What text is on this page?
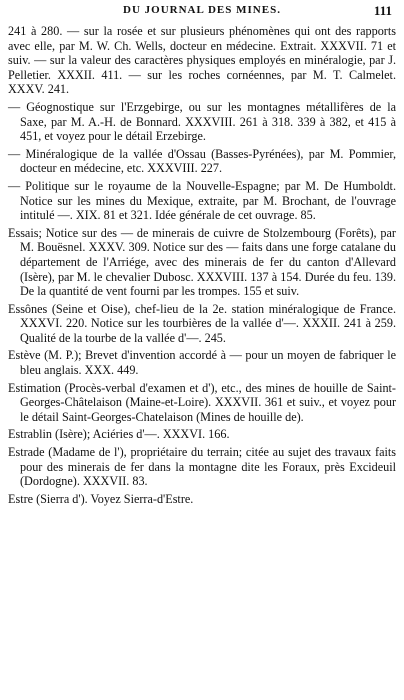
DU JOURNAL DES MINES.	111

241 à 280. — sur la rosée et sur plusieurs phénomènes qui ont des rapports avec elle, par M. W. Ch. Wells, docteur en médecine. Extrait. XXXVII. 71 et suiv. — sur la valeur des caractères physiques employés en minéralogie, par J. Pelletier. XXXII. 411. — sur les roches cornéennes, par M. T. Calmelet. XXXV. 241.

— Géognostique sur l'Erzgebirge, ou sur les montagnes métallifères de la Saxe, par M. A.-H. de Bonnard. XXXVIII. 261 à 318. 339 à 382, et 415 à 451, et voyez pour le détail Erzebirge.

— Minéralogique de la vallée d'Ossau (Basses-Pyrénées), par M. Pommier, docteur en médecine, etc. XXXVIII. 227.

— Politique sur le royaume de la Nouvelle-Espagne; par M. De Humboldt. Notice sur les mines du Mexique, extraite, par M. Brochant, de l'ouvrage intitulé —. XIX. 81 et 321. Idée générale de cet ouvrage. 85.

Essais; Notice sur des — de minerais de cuivre de Stolzembourg (Forêts), par M. Bouësnel. XXXV. 309. Notice sur des — faits dans une forge catalane du département de l'Arriége, avec des minerais de fer du canton d'Allevard (Isère), par M. le chevalier Dubosc. XXXVIII. 137 à 154. Durée du feu. 139. De la quantité de vent fourni par les trompes. 155 et suiv.

Essônes (Seine et Oise), chef-lieu de la 2e. station minéralogique de France. XXXVI. 220. Notice sur les tourbières de la vallée d'—. XXXII. 241 à 259. Qualité de la tourbe de la vallée d'—. 245.

Estève (M. P.); Brevet d'invention accordé à — pour un moyen de fabriquer le bleu anglais. XXX. 449.

Estimation (Procès-verbal d'examen et d'), etc., des mines de houille de Saint-Georges-Châtelaison (Maine-et-Loire). XXXVII. 361 et suiv., et voyez pour le détail Saint-Georges-Chatelaison (Mines de houille de).

Estrablin (Isère); Aciéries d'—. XXXVI. 166.

Estrade (Madame de l'), propriétaire du terrain; citée au sujet des travaux faits pour des minerais de fer dans la montagne dite les Foraux, près Excideuil (Dordogne). XXXVII. 83.

Estre (Sierra d'). Voyez Sierra-d'Estre.
